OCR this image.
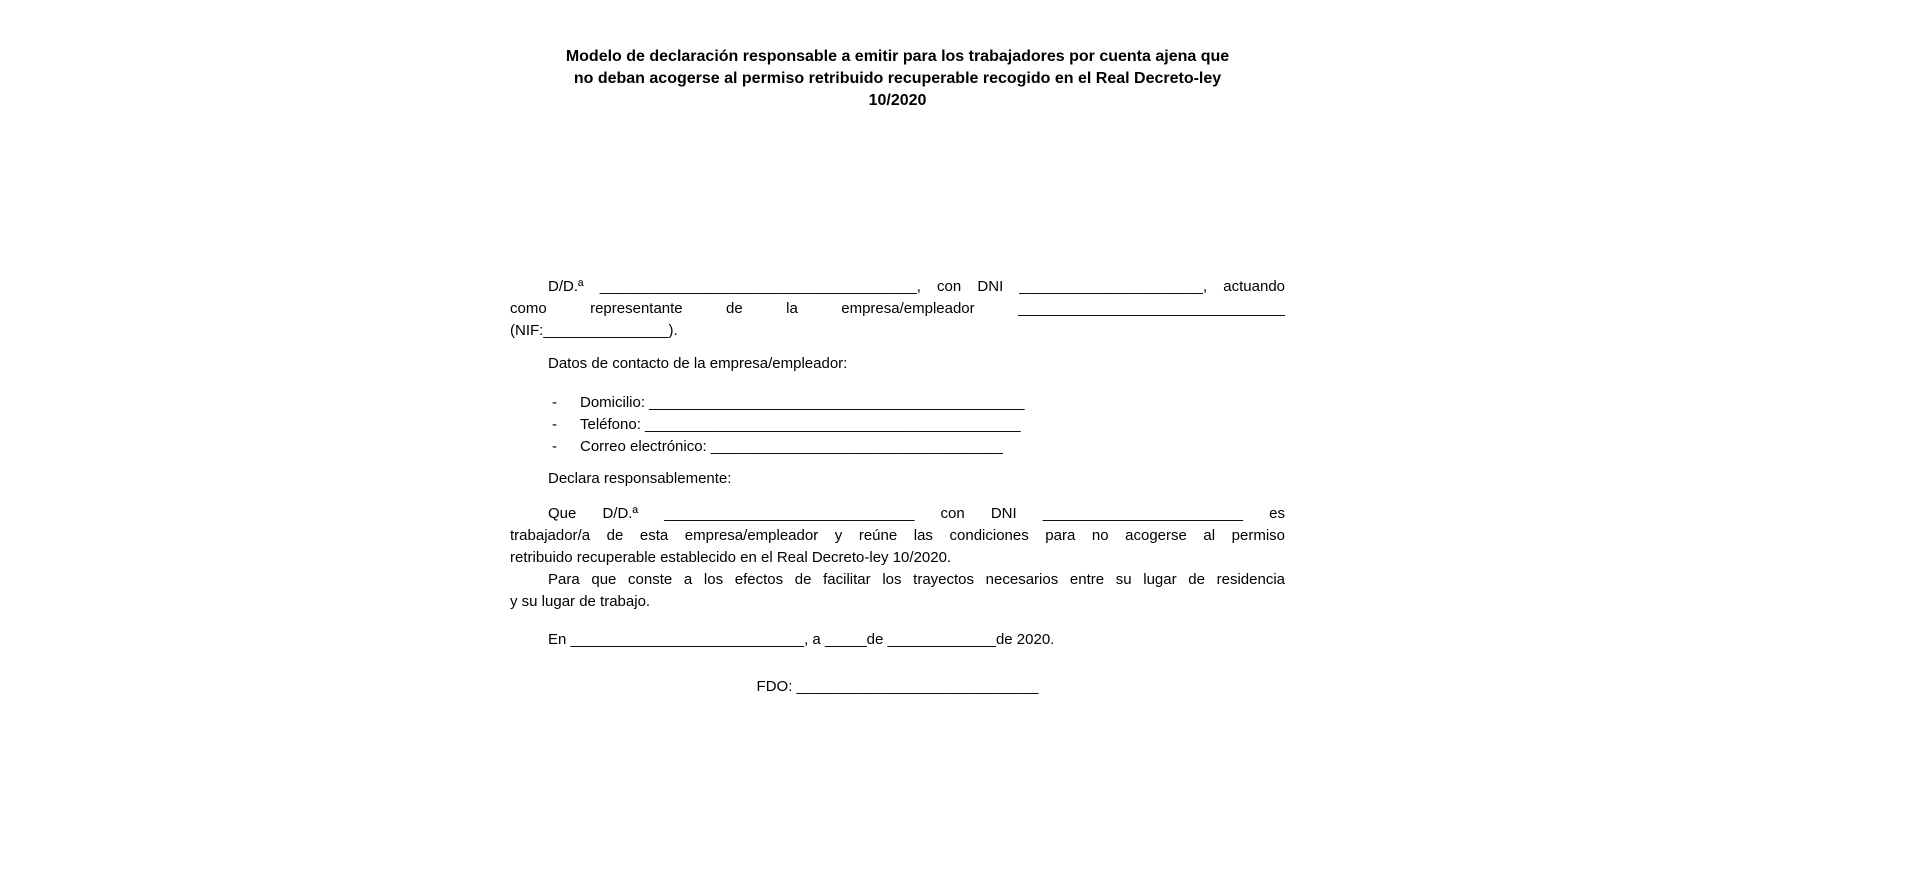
Modelo de declaración responsable a emitir para los trabajadores por cuenta ajena que
no deban acogerse al permiso retribuido recuperable recogido en el Real Decreto-ley
10/2020
D/D.ª ______________________________________, con DNI ______________________, actuando
como representante de la empresa/empleador ________________________________
(NIF:_______________).
Datos de contacto de la empresa/empleador:
- Domicilio: _____________________________________________
- Teléfono: _____________________________________________
- Correo electrónico: ___________________________________
Declara responsablemente:
Que D/D.ª ______________________________ con DNI ________________________ es
trabajador/a de esta empresa/empleador y reúne las condiciones para no acogerse al permiso
retribuido recuperable establecido en el Real Decreto-ley 10/2020.
Para que conste a los efectos de facilitar los trayectos necesarios entre su lugar de residencia
y su lugar de trabajo.
En ____________________________, a _____de _____________de 2020.
FDO: _____________________________
